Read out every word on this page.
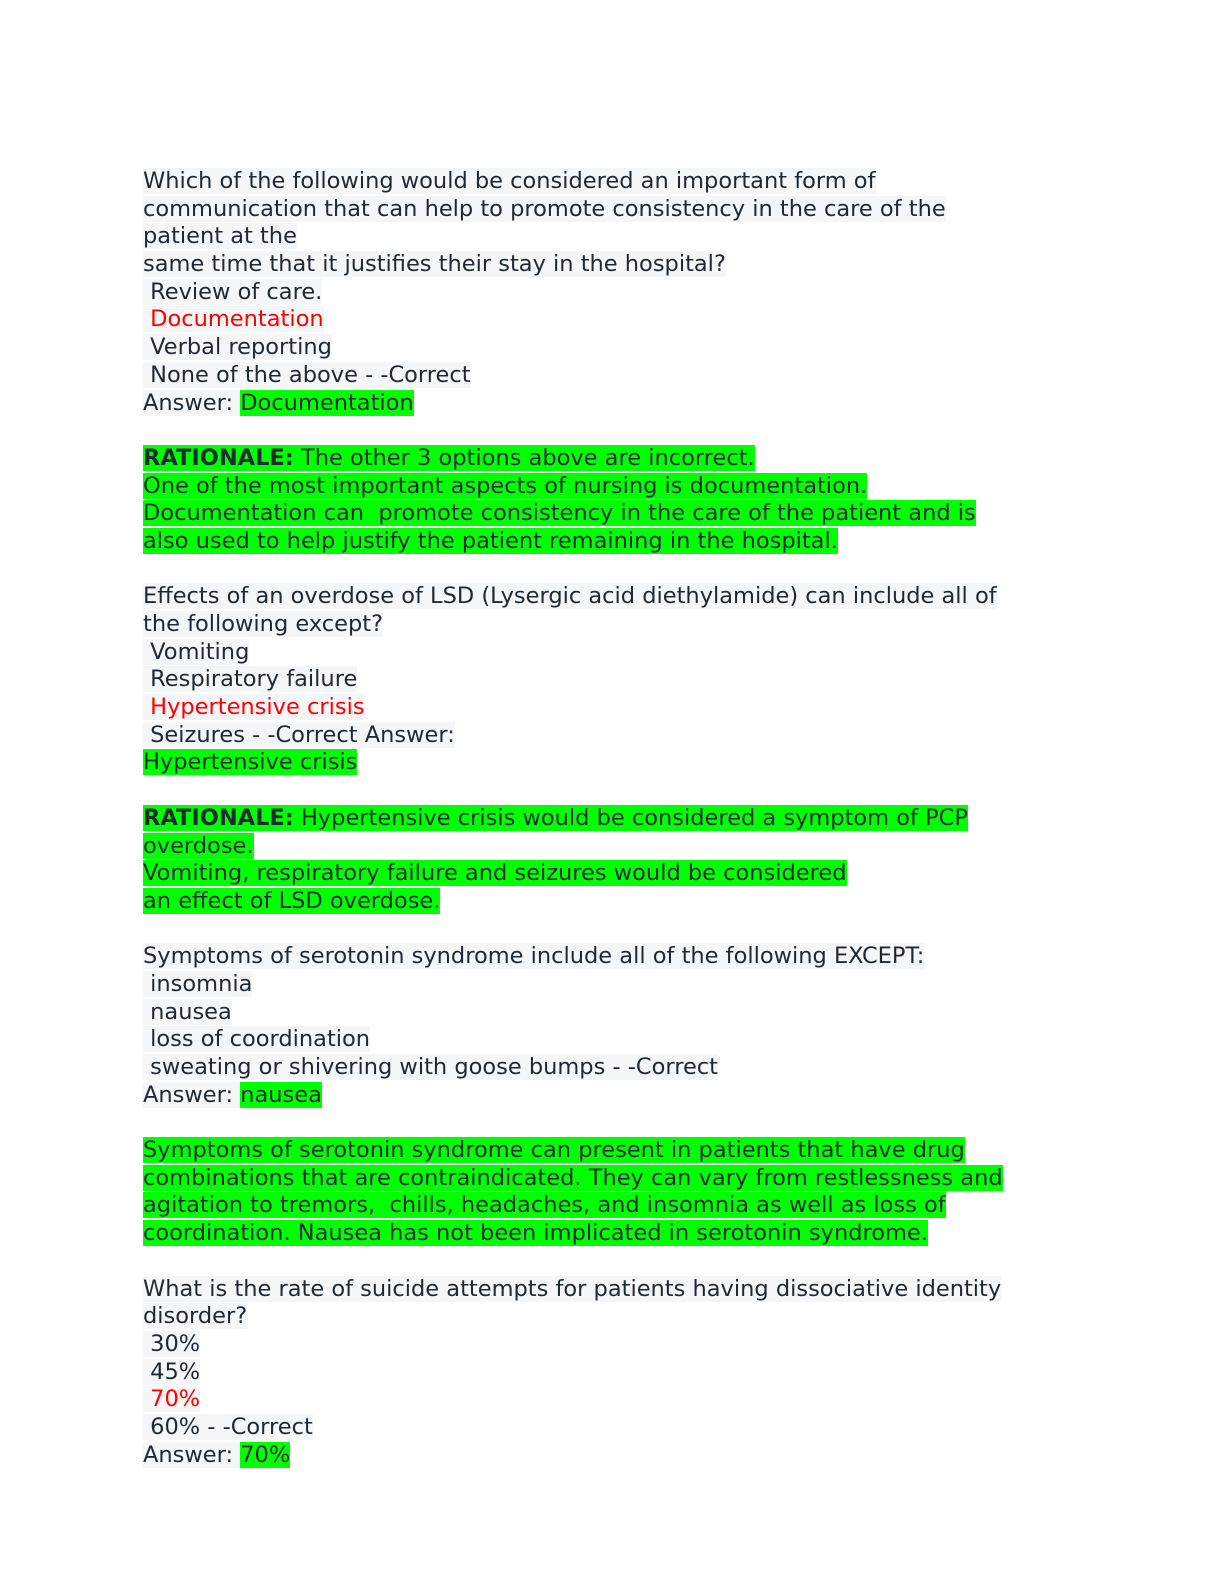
Which of the following would be considered an important form of
communication that can help to promote consistency in the care of the
patient at the
same time that it justifies their stay in the hospital?
Review of care.
Documentation
Verbal reporting
None of the above - -Correct
Answer: Documentation
RATIONALE: The other 3 options above are incorrect.
One of the most important aspects of nursing is documentation.
Documentation can  promote consistency in the care of the patient and is
also used to help justify the patient remaining in the hospital.
Effects of an overdose of LSD (Lysergic acid diethylamide) can include all of
the following except?
Vomiting
Respiratory failure
Hypertensive crisis
Seizures - -Correct Answer:
Hypertensive crisis
RATIONALE: Hypertensive crisis would be considered a symptom of PCP
overdose.
Vomiting, respiratory failure and seizures would be considered
an effect of LSD overdose.
Symptoms of serotonin syndrome include all of the following EXCEPT:
insomnia
nausea
loss of coordination
sweating or shivering with goose bumps - -Correct
Answer: nausea
Symptoms of serotonin syndrome can present in patients that have drug
combinations that are contraindicated. They can vary from restlessness and
agitation to tremors,  chills, headaches, and insomnia as well as loss of
coordination. Nausea has not been implicated in serotonin syndrome.
What is the rate of suicide attempts for patients having dissociative identity
disorder?
30%
45%
70%
60% - -Correct
Answer: 70%
